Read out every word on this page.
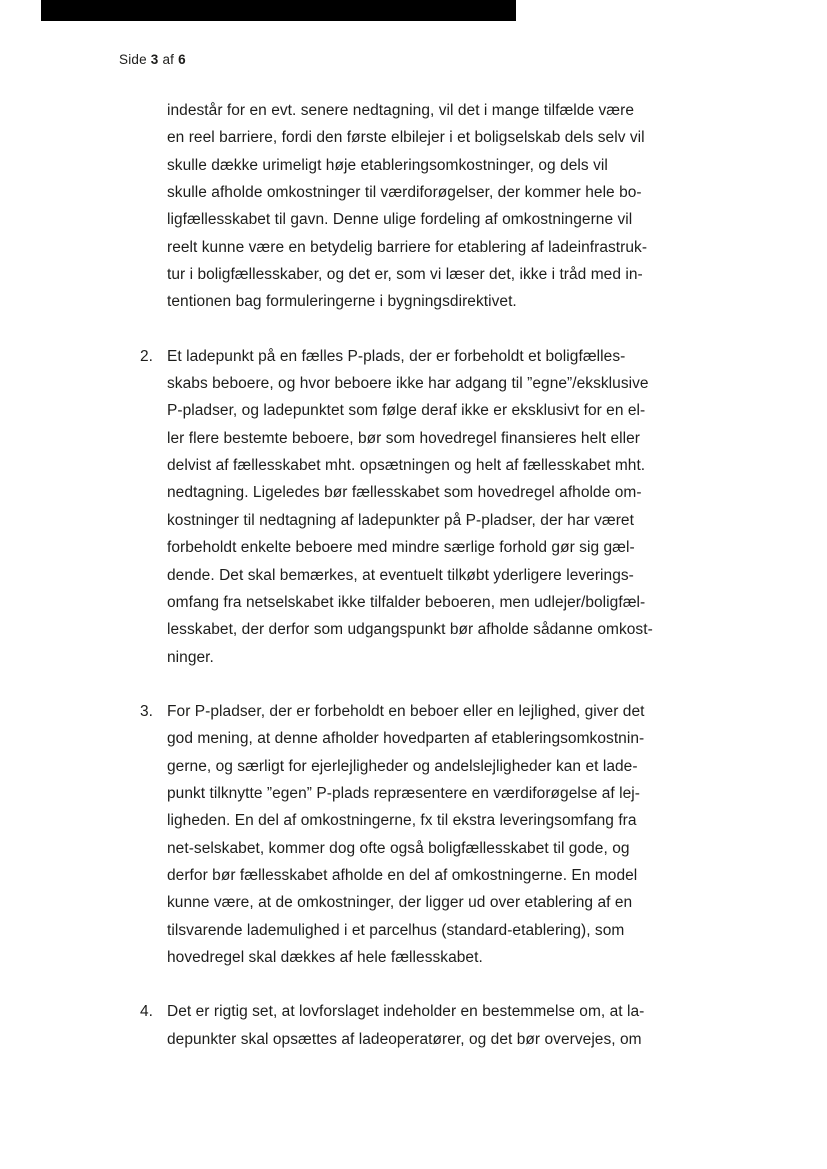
Side 3 af 6
indestår for en evt. senere nedtagning, vil det i mange tilfælde være
en reel barriere, fordi den første elbilejer i et boligselskab dels selv vil
skulle dække urimeligt høje etableringsomkostninger, og dels vil
skulle afholde omkostninger til værdiforøgelser, der kommer hele bo-
ligfællesskabet til gavn. Denne ulige fordeling af omkostningerne vil
reelt kunne være en betydelig barriere for etablering af ladeinfrastruk-
tur i boligfællesskaber, og det er, som vi læser det, ikke i tråd med in-
tentionen bag formuleringerne i bygningsdirektivet.
2. Et ladepunkt på en fælles P-plads, der er forbeholdt et boligfælles-
skabs beboere, og hvor beboere ikke har adgang til ”egne”/eksklusive
P-pladser, og ladepunktet som følge deraf ikke er eksklusivt for en el-
ler flere bestemte beboere, bør som hovedregel finansieres helt eller
delvist af fællesskabet mht. opsætningen og helt af fællesskabet mht.
nedtagning. Ligeledes bør fællesskabet som hovedregel afholde om-
kostninger til nedtagning af ladepunkter på P-pladser, der har været
forbeholdt enkelte beboere med mindre særlige forhold gør sig gæl-
dende. Det skal bemærkes, at eventuelt tilkøbt yderligere leverings-
omfang fra netselskabet ikke tilfalder beboeren, men udlejer/boligfæl-
lesskabet, der derfor som udgangspunkt bør afholde sådanne omkost-
ninger.
3. For P-pladser, der er forbeholdt en beboer eller en lejlighed, giver det
god mening, at denne afholder hovedparten af etableringsomkostnin-
gerne, og særligt for ejerlejligheder og andelslejligheder kan et lade-
punkt tilknytte ”egen” P-plads repræsentere en værdiforøgelse af lej-
ligheden. En del af omkostningerne, fx til ekstra leveringsomfang fra
net-selskabet, kommer dog ofte også boligfællesskabet til gode, og
derfor bør fællesskabet afholde en del af omkostningerne. En model
kunne være, at de omkostninger, der ligger ud over etablering af en
tilsvarende lademulighed i et parcelhus (standard-etablering), som
hovedregel skal dækkes af hele fællesskabet.
4. Det er rigtig set, at lovforslaget indeholder en bestemmelse om, at la-
depunkter skal opsættes af ladeoperatører, og det bør overvejes, om
